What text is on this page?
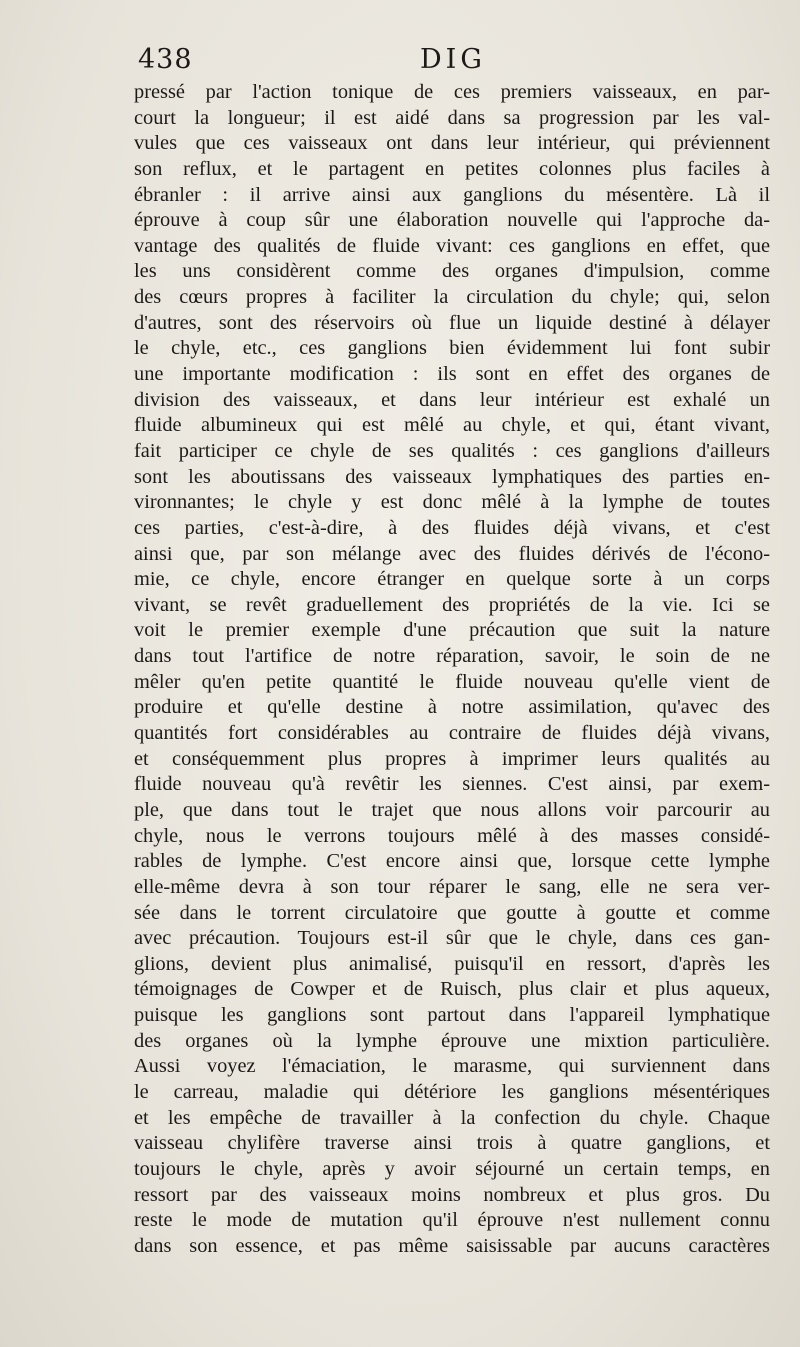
438	DIG
pressé par l'action tonique de ces premiers vaisseaux, en par-
court la longueur; il est aidé dans sa progression par les val-
vules que ces vaisseaux ont dans leur intérieur, qui préviennent
son reflux, et le partagent en petites colonnes plus faciles à
ébranler : il arrive ainsi aux ganglions du mésentère. Là il
éprouve à coup sûr une élaboration nouvelle qui l'approche da-
vantage des qualités de fluide vivant: ces ganglions en effet, que
les uns considèrent comme des organes d'impulsion, comme
des cœurs propres à faciliter la circulation du chyle; qui, selon
d'autres, sont des réservoirs où flue un liquide destiné à délayer
le chyle, etc., ces ganglions bien évidemment lui font subir
une importante modification : ils sont en effet des organes de
division des vaisseaux, et dans leur intérieur est exhalé un
fluide albumineux qui est mêlé au chyle, et qui, étant vivant,
fait participer ce chyle de ses qualités : ces ganglions d'ailleurs
sont les aboutissans des vaisseaux lymphatiques des parties en-
vironnantes; le chyle y est donc mêlé à la lymphe de toutes
ces parties, c'est-à-dire, à des fluides déjà vivans, et c'est
ainsi que, par son mélange avec des fluides dérivés de l'écono-
mie, ce chyle, encore étranger en quelque sorte à un corps
vivant, se revêt graduellement des propriétés de la vie. Ici se
voit le premier exemple d'une précaution que suit la nature
dans tout l'artifice de notre réparation, savoir, le soin de ne
mêler qu'en petite quantité le fluide nouveau qu'elle vient de
produire et qu'elle destine à notre assimilation, qu'avec des
quantités fort considérables au contraire de fluides déjà vivans,
et conséquemment plus propres à imprimer leurs qualités au
fluide nouveau qu'à revêtir les siennes. C'est ainsi, par exem-
ple, que dans tout le trajet que nous allons voir parcourir au
chyle, nous le verrons toujours mêlé à des masses considé-
rables de lymphe. C'est encore ainsi que, lorsque cette lymphe
elle-même devra à son tour réparer le sang, elle ne sera ver-
sée dans le torrent circulatoire que goutte à goutte et comme
avec précaution. Toujours est-il sûr que le chyle, dans ces gan-
glions, devient plus animalisé, puisqu'il en ressort, d'après les
témoignages de Cowper et de Ruisch, plus clair et plus aqueux,
puisque les ganglions sont partout dans l'appareil lymphatique
des organes où la lymphe éprouve une mixtion particulière.
Aussi voyez l'émaciation, le marasme, qui surviennent dans
le carreau, maladie qui détériore les ganglions mésentériques
et les empêche de travailler à la confection du chyle. Chaque
vaisseau chylifère traverse ainsi trois à quatre ganglions, et
toujours le chyle, après y avoir séjourné un certain temps, en
ressort par des vaisseaux moins nombreux et plus gros. Du
reste le mode de mutation qu'il éprouve n'est nullement connu
dans son essence, et pas même saisissable par aucuns caractères
